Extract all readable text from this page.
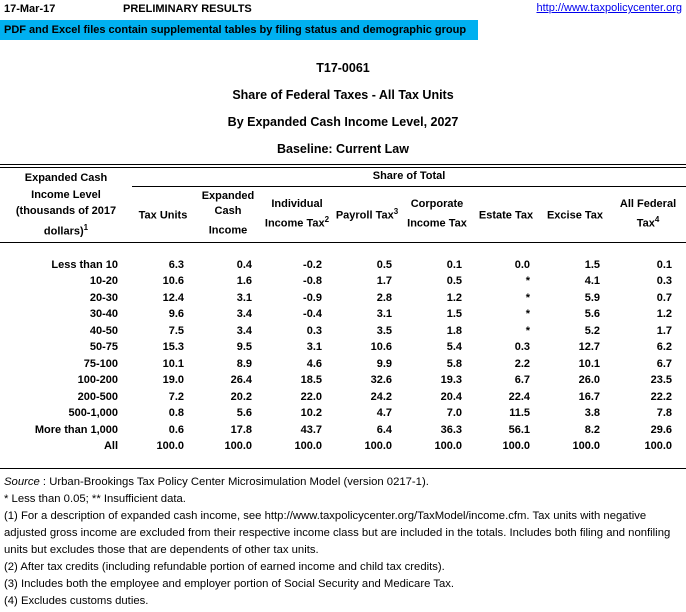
17-Mar-17	PRELIMINARY RESULTS	http://www.taxpolicycenter.org
PDF and Excel files contain supplemental tables by filing status and demographic group
T17-0061
Share of Federal Taxes - All Tax Units
By Expanded Cash Income Level, 2027
Baseline: Current Law
Expanded Cash Income Level (thousands of 2017 dollars)$^1$	Share of Total							
	Tax Units	Expanded Cash Income	Individual Income Tax$^2$	Payroll Tax$^3$	Corporate Income Tax	Estate Tax	Excise Tax	All Federal Tax$^4$
Less than 10	6.3	0.4	-0.2	0.5	0.1	0.0	1.5	0.1
10-20	10.6	1.6	-0.8	1.7	0.5	*	4.1	0.3
20-30	12.4	3.1	-0.9	2.8	1.2	*	5.9	0.7
30-40	9.6	3.4	-0.4	3.1	1.5	*	5.6	1.2
40-50	7.5	3.4	0.3	3.5	1.8	*	5.2	1.7
50-75	15.3	9.5	3.1	10.6	5.4	0.3	12.7	6.2
75-100	10.1	8.9	4.6	9.9	5.8	2.2	10.1	6.7
100-200	19.0	26.4	18.5	32.6	19.3	6.7	26.0	23.5
200-500	7.2	20.2	22.0	24.2	20.4	22.4	16.7	22.2
500-1,000	0.8	5.6	10.2	4.7	7.0	11.5	3.8	7.8
More than 1,000	0.6	17.8	43.7	6.4	36.3	56.1	8.2	29.6
All	100.0	100.0	100.0	100.0	100.0	100.0	100.0	100.0
Source : Urban-Brookings Tax Policy Center Microsimulation Model (version 0217-1).
* Less than 0.05; ** Insufficient data.
(1) For a description of expanded cash income, see http://www.taxpolicycenter.org/TaxModel/income.cfm. Tax units with negative adjusted gross income are excluded from their respective income class but are included in the totals. Includes both filing and nonfiling units but excludes those that are dependents of other tax units.
(2) After tax credits (including refundable portion of earned income and child tax credits).
(3) Includes both the employee and employer portion of Social Security and Medicare Tax.
(4) Excludes customs duties.
